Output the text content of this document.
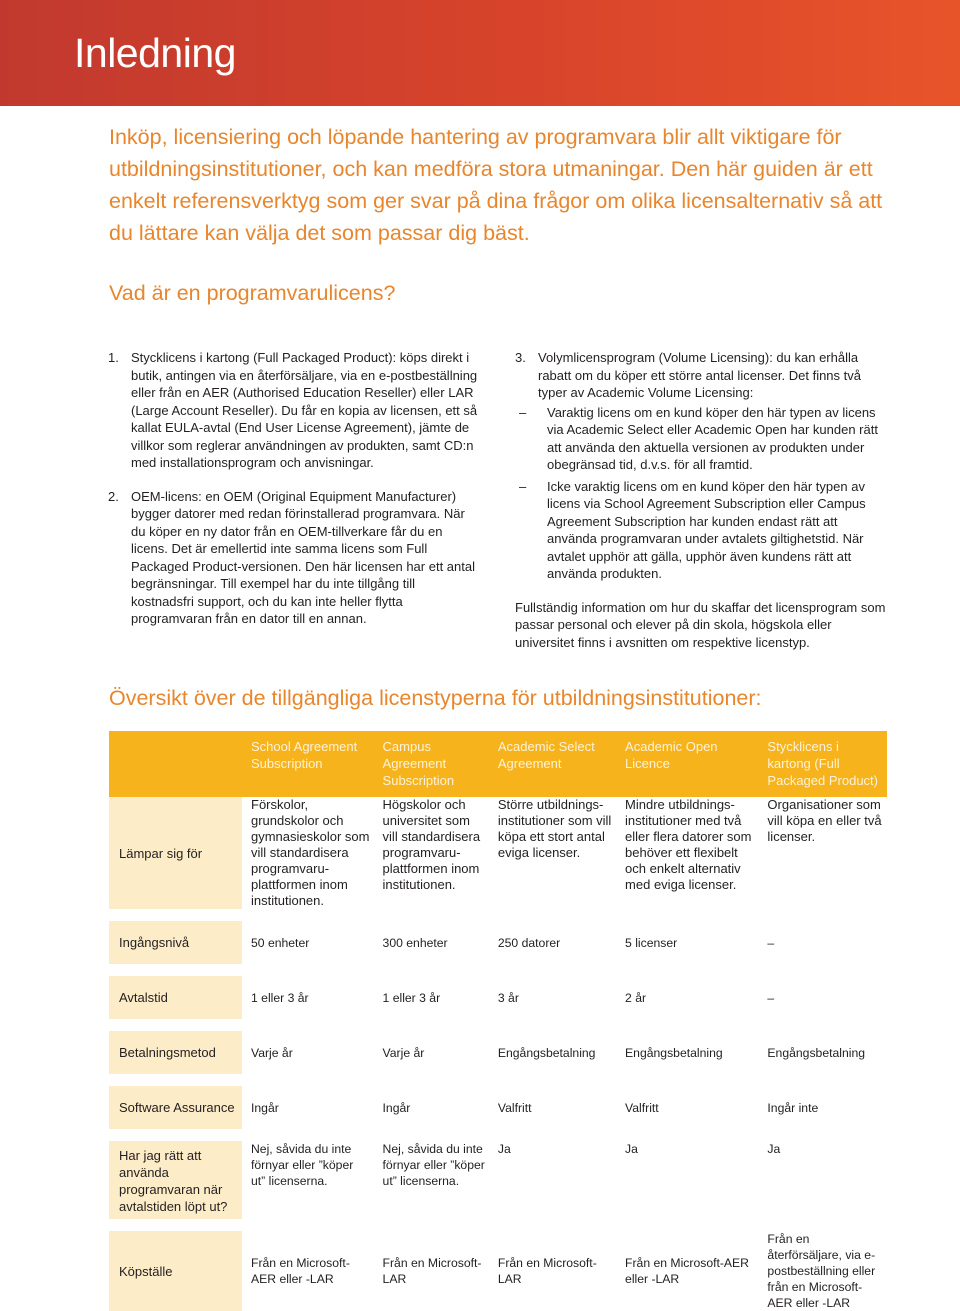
Inledning

Inköp, licensiering och löpande hantering av programvara blir allt viktigare för utbildningsinstitutioner, och kan medföra stora utmaningar. Den här guiden är ett enkelt referensverktyg som ger svar på dina frågor om olika licensalternativ så att du lättare kan välja det som passar dig bäst.

Vad är en programvarulicens?
1. Stycklicens i kartong (Full Packaged Product): köps direkt i butik, antingen via en återförsäljare, via en e-postbeställning eller från en AER (Authorised Education Reseller) eller LAR (Large Account Reseller). Du får en kopia av licensen, ett så kallat EULA-avtal (End User License Agreement), jämte de villkor som reglerar användningen av produkten, samt CD:n med installationsprogram och anvisningar.
2. OEM-licens: en OEM (Original Equipment Manufacturer) bygger datorer med redan förinstallerad programvara. När du köper en ny dator från en OEM-tillverkare får du en licens. Det är emellertid inte samma licens som Full Packaged Product-versionen. Den här licensen har ett antal begränsningar. Till exempel har du inte tillgång till kostnadsfri support, och du kan inte heller flytta programvaran från en dator till en annan.
3. Volymlicensprogram (Volume Licensing): du kan erhålla rabatt om du köper ett större antal licenser. Det finns två typer av Academic Volume Licensing:
– Varaktig licens om en kund köper den här typen av licens via Academic Select eller Academic Open har kunden rätt att använda den aktuella versionen av produkten under obegränsad tid, d.v.s. för all framtid.
– Icke varaktig licens om en kund köper den här typen av licens via School Agreement Subscription eller Campus Agreement Subscription har kunden endast rätt att använda programvaran under avtalets giltighetstid. När avtalet upphör att gälla, upphör även kundens rätt att använda produkten.

Fullständig information om hur du skaffar det licensprogram som passar personal och elever på din skola, högskola eller universitet finns i avsnitten om respektive licenstyp.

Översikt över de tillgängliga licenstyperna för utbildningsinstitutioner:
	School Agreement Subscription	Campus Agreement Subscription	Academic Select Agreement	Academic Open Licence	Stycklicens i kartong (Full Packaged Product)
Lämpar sig för	Förskolor, grundskolor och gymnasieskolor som vill standardisera programvaru-plattformen inom institutionen.	Högskolor och universitet som vill standardisera programvaru-plattformen inom institutionen.	Större utbildnings-institutioner som vill köpa ett stort antal eviga licenser.	Mindre utbildnings-institutioner med två eller flera datorer som behöver ett flexibelt och enkelt alternativ med eviga licenser.	Organisationer som vill köpa en eller två licenser.

Ingångsnivå	50 enheter	300 enheter	250 datorer	5 licenser	–

Avtalstid	1 eller 3 år	1 eller 3 år	3 år	2 år	–

Betalningsmetod	Varje år	Varje år	Engångsbetalning	Engångsbetalning	Engångsbetalning

Software Assurance	Ingår	Ingår	Valfritt	Valfritt	Ingår inte

Har jag rätt att använda programvaran när avtalstiden löpt ut?	Nej, såvida du inte förnyar eller ”köper ut” licenserna.	Nej, såvida du inte förnyar eller ”köper ut” licenserna.	Ja	Ja	Ja

Köpställe	Från en Microsoft-AER eller -LAR	Från en Microsoft-LAR	Från en Microsoft-LAR	Från en Microsoft-AER eller -LAR	Från en återförsäljare, via e-postbeställning eller från en Microsoft-AER eller -LAR
